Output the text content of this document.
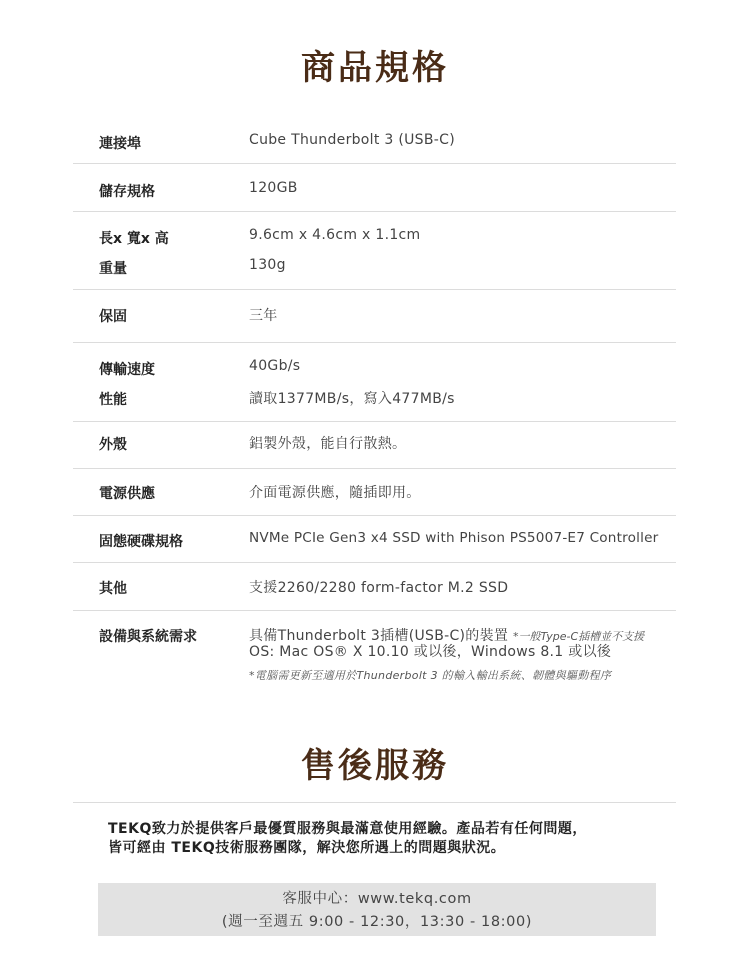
商品規格
連接埠	Cube Thunderbolt 3 (USB-C)
儲存規格	120GB
長x 寬x 高	9.6cm x 4.6cm x 1.1cm
重量	130g
保固	三年
傳輸速度	40Gb/s
性能	讀取1377MB/s，寫入477MB/s
外殼	鋁製外殼，能自行散熱。
電源供應	介面電源供應，隨插即用。
固態硬碟規格	NVMe PCIe Gen3 x4 SSD with Phison PS5007-E7 Controller
其他	支援2260/2280 form-factor M.2 SSD
設備與系統需求	具備Thunderbolt 3插槽(USB-C)的裝置 *一般Type-C插槽並不支援
OS: Mac OS® X 10.10 或以後，Windows 8.1 或以後
*電腦需更新至適用於Thunderbolt 3 的輸入輸出系統、韌體與驅動程序
售後服務
TEKQ致力於提供客戶最優質服務與最滿意使用經驗。產品若有任何問題，
皆可經由 TEKQ技術服務團隊，解決您所遇上的問題與狀況。
客服中心：www.tekq.com
(週一至週五 9:00 - 12:30，13:30 - 18:00)
